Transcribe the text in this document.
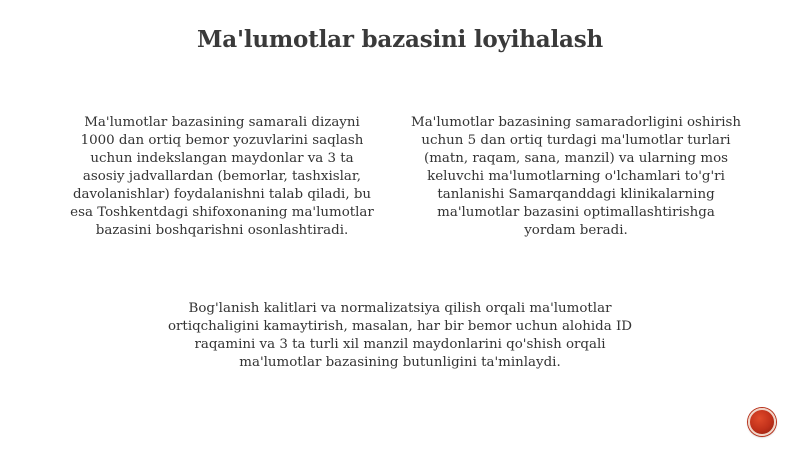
Ma'lumotlar bazasini loyihalash
Ma'lumotlar bazasining samarali dizayni
1000 dan ortiq bemor yozuvlarini saqlash
uchun indekslangan maydonlar va 3 ta
asosiy jadvallardan (bemorlar, tashxislar,
davolanishlar) foydalanishni talab qiladi, bu
esa Toshkentdagi shifoxonaning ma'lumotlar
bazasini boshqarishni osonlashtiradi.
Ma'lumotlar bazasining samaradorligini oshirish
uchun 5 dan ortiq turdagi ma'lumotlar turlari
(matn, raqam, sana, manzil) va ularning mos
keluvchi ma'lumotlarning o'lchamlari to'g'ri
tanlanishi Samarqanddagi klinikalarning
ma'lumotlar bazasini optimallashtirishga
yordam beradi.
Bog'lanish kalitlari va normalizatsiya qilish orqali ma'lumotlar
ortiqchaligini kamaytirish, masalan, har bir bemor uchun alohida ID
raqamini va 3 ta turli xil manzil maydonlarini qo'shish orqali
ma'lumotlar bazasining butunligini ta'minlaydi.
